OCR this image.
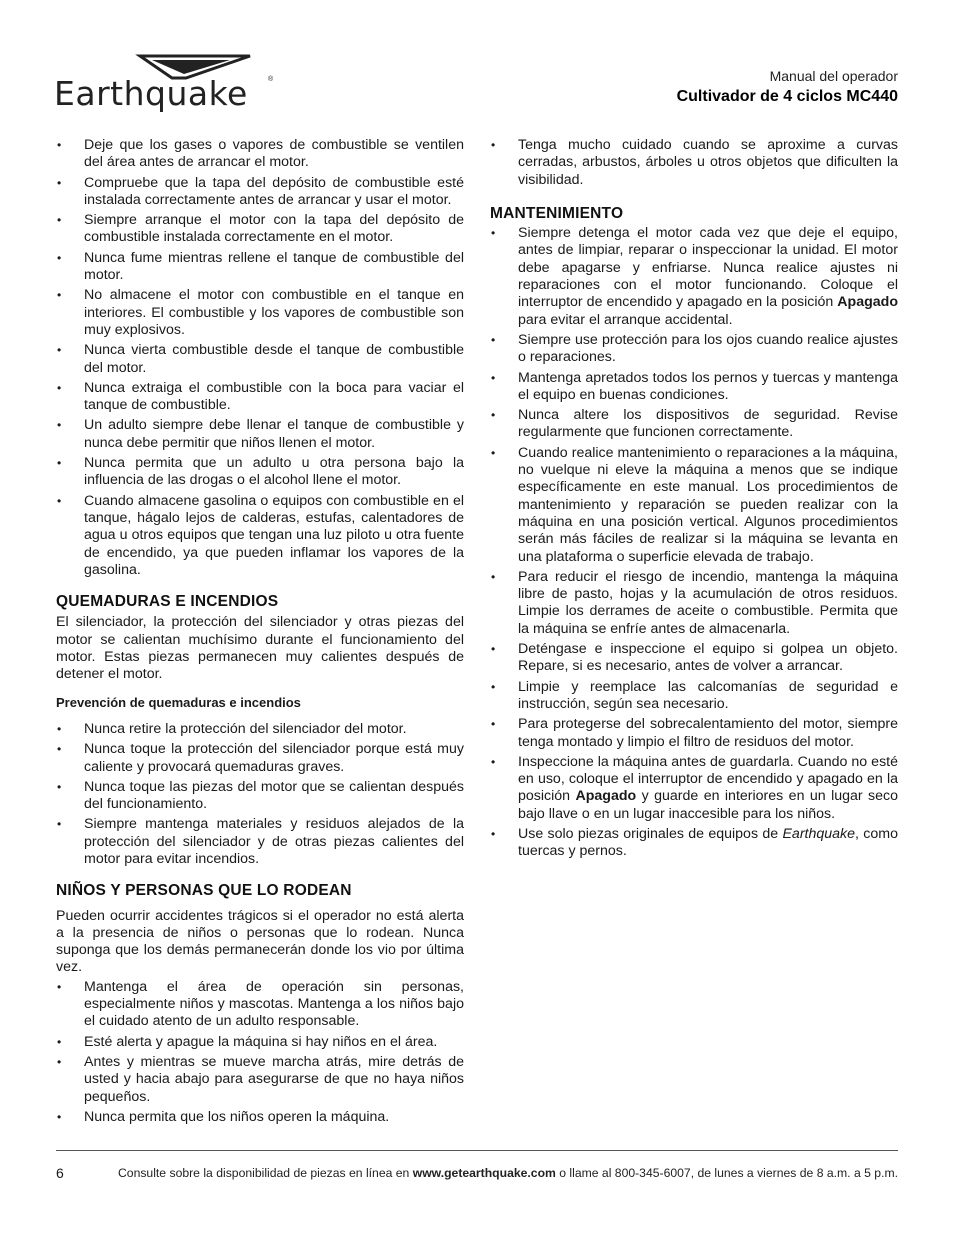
Earthquake	®	Manual del operador
Cultivador de 4 ciclos MC440
• Deje que los gases o vapores de combustible se ventilen del área antes de arrancar el motor.
• Compruebe que la tapa del depósito de combustible esté instalada correctamente antes de arrancar y usar el motor.
• Siempre arranque el motor con la tapa del depósito de combustible instalada correctamente en el motor.
• Nunca fume mientras rellene el tanque de combustible del motor.
• No almacene el motor con combustible en el tanque en interiores. El combustible y los vapores de combustible son muy explosivos.
• Nunca vierta combustible desde el tanque de combustible del motor.
• Nunca extraiga el combustible con la boca para vaciar el tanque de combustible.
• Un adulto siempre debe llenar el tanque de combustible y nunca debe permitir que niños llenen el motor.
• Nunca permita que un adulto u otra persona bajo la influencia de las drogas o el alcohol llene el motor.
• Cuando almacene gasolina o equipos con combustible en el tanque, hágalo lejos de calderas, estufas, calentadores de agua u otros equipos que tengan una luz piloto u otra fuente de encendido, ya que pueden inflamar los vapores de la gasolina.
QUEMADURAS E INCENDIOS

El silenciador, la protección del silenciador y otras piezas del motor se calientan muchísimo durante el funcionamiento del motor. Estas piezas permanecen muy calientes después de detener el motor.

Prevención de quemaduras e incendios
• Nunca retire la protección del silenciador del motor.
• Nunca toque la protección del silenciador porque está muy caliente y provocará quemaduras graves.
• Nunca toque las piezas del motor que se calientan después del funcionamiento.
• Siempre mantenga materiales y residuos alejados de la protección del silenciador y de otras piezas calientes del motor para evitar incendios.
NIÑOS Y PERSONAS QUE LO RODEAN

Pueden ocurrir accidentes trágicos si el operador no está alerta a la presencia de niños o personas que lo rodean. Nunca suponga que los demás permanecerán donde los vio por última vez.

• Mantenga el área de operación sin personas, especialmente niños y mascotas. Mantenga a los niños bajo el cuidado atento de un adulto responsable.
• Esté alerta y apague la máquina si hay niños en el área.
• Antes y mientras se mueve marcha atrás, mire detrás de usted y hacia abajo para asegurarse de que no haya niños pequeños.
• Nunca permita que los niños operen la máquina.
• Tenga mucho cuidado cuando se aproxime a curvas cerradas, arbustos, árboles u otros objetos que dificulten la visibilidad.
MANTENIMIENTO
• Siempre detenga el motor cada vez que deje el equipo, antes de limpiar, reparar o inspeccionar la unidad. El motor debe apagarse y enfriarse. Nunca realice ajustes ni reparaciones con el motor funcionando. Coloque el interruptor de encendido y apagado en la posición Apagado para evitar el arranque accidental.
• Siempre use protección para los ojos cuando realice ajustes o reparaciones.
• Mantenga apretados todos los pernos y tuercas y mantenga el equipo en buenas condiciones.
• Nunca altere los dispositivos de seguridad. Revise regularmente que funcionen correctamente.
• Cuando realice mantenimiento o reparaciones a la máquina, no vuelque ni eleve la máquina a menos que se indique específicamente en este manual. Los procedimientos de mantenimiento y reparación se pueden realizar con la máquina en una posición vertical. Algunos procedimientos serán más fáciles de realizar si la máquina se levanta en una plataforma o superficie elevada de trabajo.
• Para reducir el riesgo de incendio, mantenga la máquina libre de pasto, hojas y la acumulación de otros residuos. Limpie los derrames de aceite o combustible. Permita que la máquina se enfríe antes de almacenarla.
• Deténgase e inspeccione el equipo si golpea un objeto. Repare, si es necesario, antes de volver a arrancar.
• Limpie y reemplace las calcomanías de seguridad e instrucción, según sea necesario.
• Para protegerse del sobrecalentamiento del motor, siempre tenga montado y limpio el filtro de residuos del motor.
• Inspeccione la máquina antes de guardarla. Cuando no esté en uso, coloque el interruptor de encendido y apagado en la posición Apagado y guarde en interiores en un lugar seco bajo llave o en un lugar inaccesible para los niños.
• Use solo piezas originales de equipos de Earthquake, como tuercas y pernos.
6	Consulte sobre la disponibilidad de piezas en línea en www.getearthquake.com o llame al 800-345-6007, de lunes a viernes de 8 a.m. a 5 p.m.
